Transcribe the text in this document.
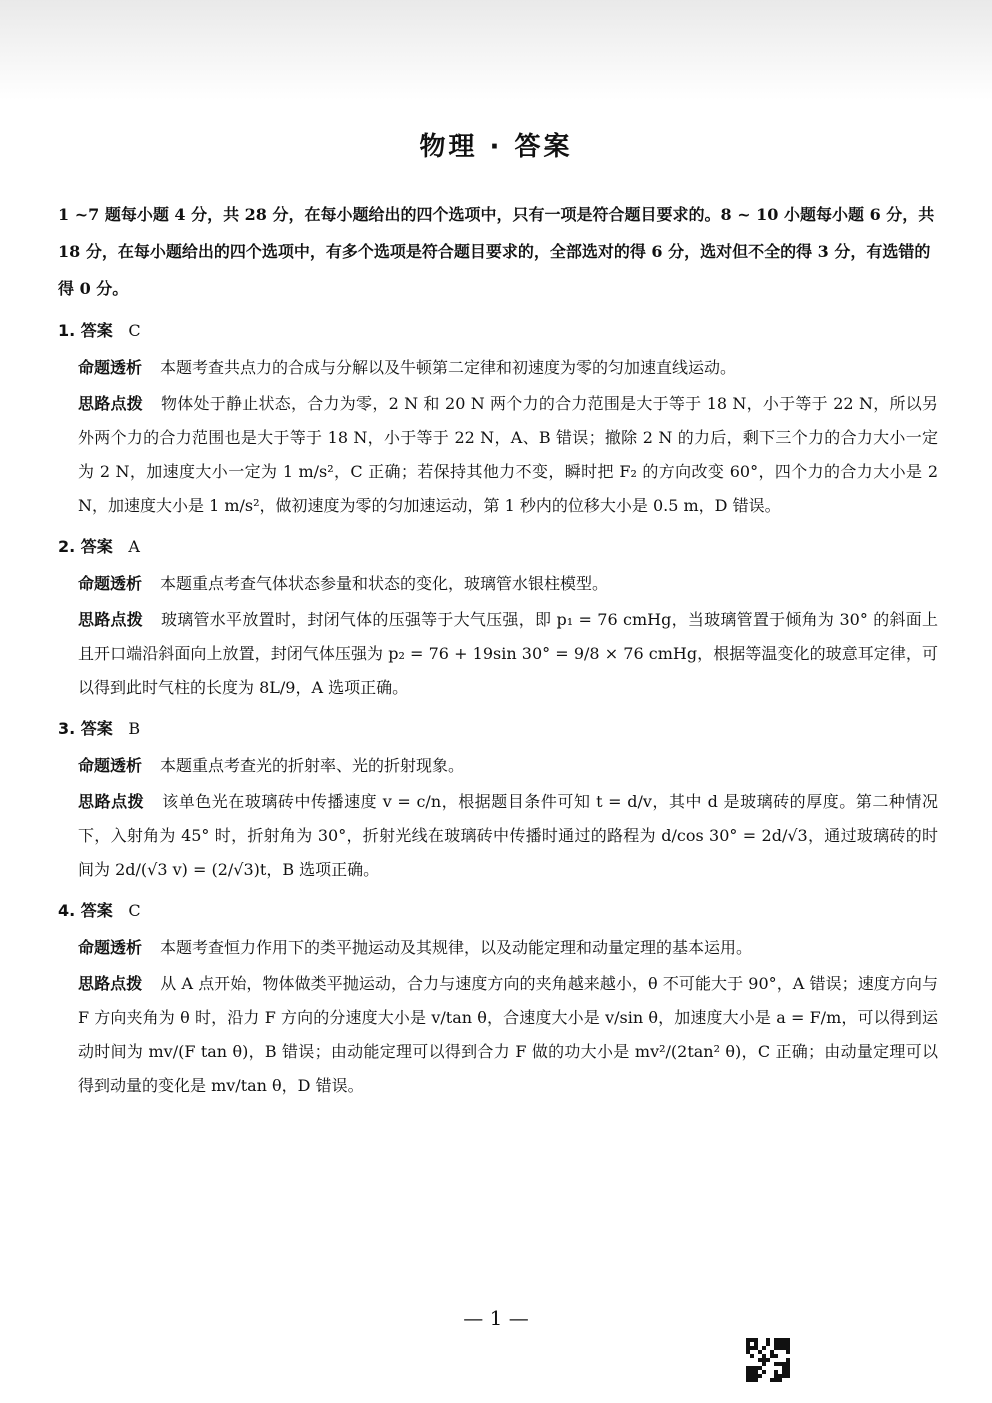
物理 · 答案

1 ~7 题每小题 4 分，共 28 分，在每小题给出的四个选项中，只有一项是符合题目要求的。8 ~ 10 小题每小题 6 分，共 18 分，在每小题给出的四个选项中，有多个选项是符合题目要求的，全部选对的得 6 分，选对但不全的得 3 分，有选错的得 0 分。

1. 答案 C
命题透析 本题考查共点力的合成与分解以及牛顿第二定律和初速度为零的匀加速直线运动。
思路点拨 物体处于静止状态，合力为零，2 N 和 20 N 两个力的合力范围是大于等于 18 N，小于等于 22 N，所以另外两个力的合力范围也是大于等于 18 N，小于等于 22 N，A、B 错误；撤除 2 N 的力后，剩下三个力的合力大小一定为 2 N，加速度大小一定为 1 m/s²，C 正确；若保持其他力不变，瞬时把 F₂ 的方向改变 60°，四个力的合力大小是 2 N，加速度大小是 1 m/s²，做初速度为零的匀加速运动，第 1 秒内的位移大小是 0.5 m，D 错误。
2. 答案 A
命题透析 本题重点考查气体状态参量和状态的变化，玻璃管水银柱模型。
思路点拨 玻璃管水平放置时，封闭气体的压强等于大气压强，即 p₁ = 76 cmHg，当玻璃管置于倾角为 30° 的斜面上且开口端沿斜面向上放置，封闭气体压强为 p₂ = 76 + 19sin 30° = 9/8 × 76 cmHg，根据等温变化的玻意耳定律，可以得到此时气柱的长度为 8L/9，A 选项正确。
3. 答案 B
命题透析 本题重点考查光的折射率、光的折射现象。
思路点拨 该单色光在玻璃砖中传播速度 v = c/n，根据题目条件可知 t = d/v，其中 d 是玻璃砖的厚度。第二种情况下，入射角为 45° 时，折射角为 30°，折射光线在玻璃砖中传播时通过的路程为 d/cos 30° = 2d/√3，通过玻璃砖的时间为 2d/(√3 v) = (2/√3)t，B 选项正确。
4. 答案 C
命题透析 本题考查恒力作用下的类平抛运动及其规律，以及动能定理和动量定理的基本运用。
思路点拨 从 A 点开始，物体做类平抛运动，合力与速度方向的夹角越来越小，θ 不可能大于 90°，A 错误；速度方向与 F 方向夹角为 θ 时，沿力 F 方向的分速度大小是 v/tan θ，合速度大小是 v/sin θ，加速度大小是 a = F/m，可以得到运动时间为 mv/(F tan θ)，B 错误；由动能定理可以得到合力 F 做的功大小是 mv²/(2tan² θ)，C 正确；由动量定理可以得到动量的变化是 mv/tan θ，D 错误。
— 1 —
